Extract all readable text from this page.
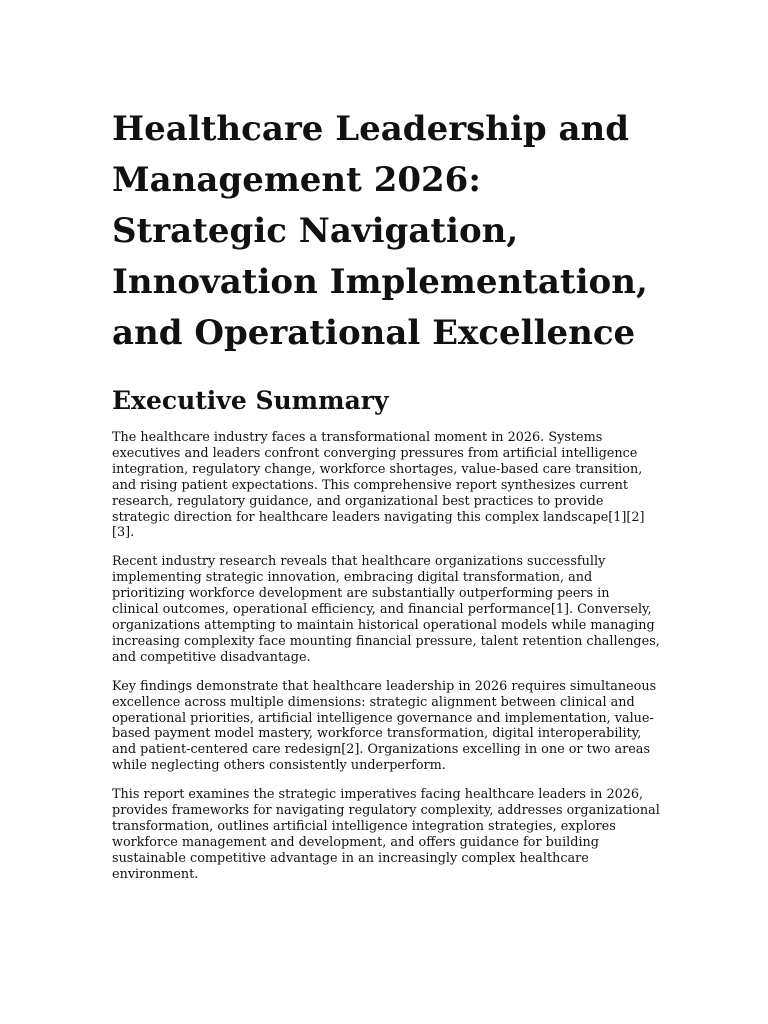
Healthcare Leadership and Management 2026: Strategic Navigation, Innovation Implementation, and Operational Excellence
Executive Summary

The healthcare industry faces a transformational moment in 2026. Systems executives and leaders confront converging pressures from artificial intelligence integration, regulatory change, workforce shortages, value-based care transition, and rising patient expectations. This comprehensive report synthesizes current research, regulatory guidance, and organizational best practices to provide strategic direction for healthcare leaders navigating this complex landscape[1][2][3].

Recent industry research reveals that healthcare organizations successfully implementing strategic innovation, embracing digital transformation, and prioritizing workforce development are substantially outperforming peers in clinical outcomes, operational efficiency, and financial performance[1]. Conversely, organizations attempting to maintain historical operational models while managing increasing complexity face mounting financial pressure, talent retention challenges, and competitive disadvantage.

Key findings demonstrate that healthcare leadership in 2026 requires simultaneous excellence across multiple dimensions: strategic alignment between clinical and operational priorities, artificial intelligence governance and implementation, value-based payment model mastery, workforce transformation, digital interoperability, and patient-centered care redesign[2]. Organizations excelling in one or two areas while neglecting others consistently underperform.

This report examines the strategic imperatives facing healthcare leaders in 2026, provides frameworks for navigating regulatory complexity, addresses organizational transformation, outlines artificial intelligence integration strategies, explores workforce management and development, and offers guidance for building sustainable competitive advantage in an increasingly complex healthcare environment.
